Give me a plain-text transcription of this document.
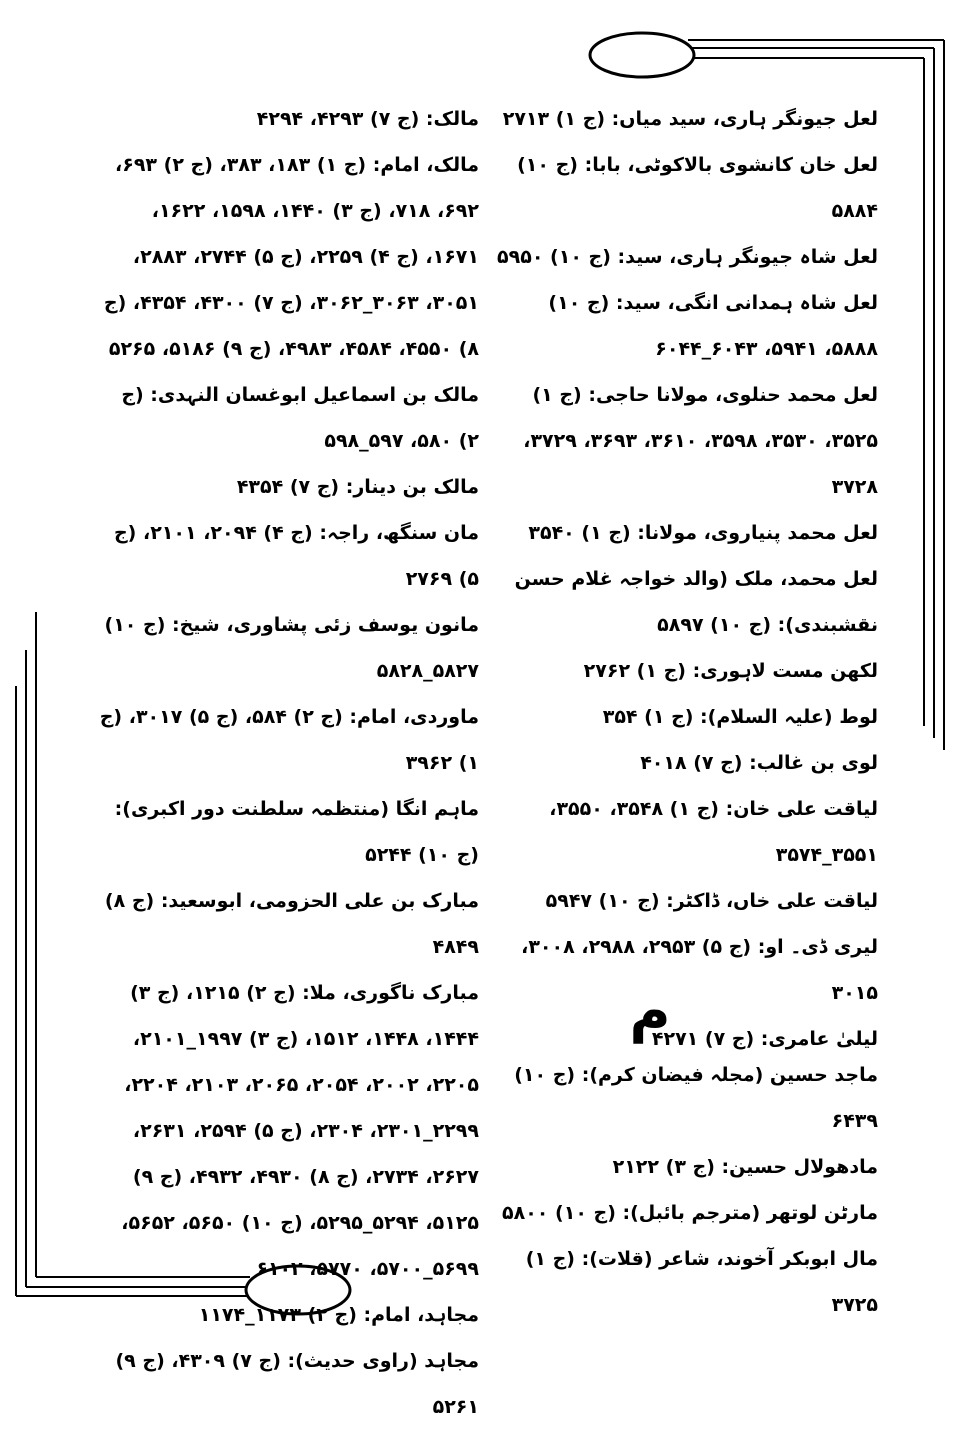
لعل جیونگر ہاری، سید میاں: (ج ۱) ۲۷۱۳

لعل خان کانشوی بالاکوٹی، بابا: (ج ۱۰) ۵۸۸۴

لعل شاہ جیونگر ہاری، سید: (ج ۱۰) ۵۹۵۰

لعل شاہ ہمدانی انگی، سید: (ج ۱۰) ۵۸۸۸، ۵۹۴۱، ۶۰۴۳_۶۰۴۴

لعل محمد حنلوی، مولانا حاجی: (ج ۱) ۳۵۲۵، ۳۵۳۰، ۳۵۹۸، ۳۶۱۰، ۳۶۹۳، ۳۷۲۹، ۳۷۲۸

لعل محمد پنیاروی، مولانا: (ج ۱) ۳۵۴۰

لعل محمد، ملک (والد خواجہ غلام حسن نقشبندی): (ج ۱۰) ۵۸۹۷

لکھن مست لاہوری: (ج ۱) ۲۷۶۲

لوط (علیہ السلام): (ج ۱) ۳۵۴

لوی بن غالب: (ج ۷) ۴۰۱۸

لیاقت علی خان: (ج ۱) ۳۵۴۸، ۳۵۵۰، ۳۵۵۱_۳۵۷۴

لیاقت علی خاں، ڈاکٹر: (ج ۱۰) ۵۹۴۷

لیری ڈی۔ او: (ج ۵) ۲۹۵۳، ۲۹۸۸، ۳۰۰۸، ۳۰۱۵

لیلیٰ عامری: (ج ۷) ۴۲۷۱

م

ماجد حسین (مجلہ فیضان کرم): (ج ۱۰) ۶۴۳۹

مادھولال حسین: (ج ۳) ۲۱۲۲

مارٹن لوتھر (مترجم بائبل): (ج ۱۰) ۵۸۰۰

مال ابوبکر آخوند، شاعر (قلات): (ج ۱) ۳۷۲۵

مالک: (ج ۷) ۴۲۹۳، ۴۲۹۴

مالک، امام: (ج ۱) ۱۸۳، ۳۸۳، (ج ۲) ۶۹۳، ۶۹۲، ۷۱۸، (ج ۳) ۱۴۴۰، ۱۵۹۸، ۱۶۲۲، ۱۶۷۱، (ج ۴) ۲۲۵۹، (ج ۵) ۲۷۴۴، ۲۸۸۳، ۳۰۵۱، ۳۰۶۳_۳۰۶۲، (ج ۷) ۴۳۰۰، ۴۳۵۴، (ج ۸) ۴۵۵۰، ۴۵۸۴، ۴۹۸۳، (ج ۹) ۵۱۸۶، ۵۲۶۵

مالک بن اسماعیل ابوغسان النہدی: (ج ۲) ۵۸۰، ۵۹۷_۵۹۸

مالک بن دینار: (ج ۷) ۴۳۵۴

مان سنگھ، راجہ: (ج ۴) ۲۰۹۴، ۲۱۰۱، (ج ۵) ۲۷۶۹

مانون یوسف زئی پشاوری، شیخ: (ج ۱۰) ۵۸۲۷_۵۸۲۸

ماوردی، امام: (ج ۲) ۵۸۴، (ج ۵) ۳۰۱۷، (ج ۱) ۳۹۶۲

ماہم انگا (منتظمہ سلطنت دور اکبری): (ج ۱۰) ۵۲۴۴

مبارک بن علی الحزومی، ابوسعید: (ج ۸) ۴۸۴۹

مبارک ناگوری، ملا: (ج ۲) ۱۲۱۵، (ج ۳) ۱۴۴۴، ۱۴۴۸، ۱۵۱۲، (ج ۳) ۱۹۹۷_۲۱۰۱، ۲۲۰۵، ۲۰۰۲، ۲۰۵۴، ۲۰۶۵، ۲۱۰۳، ۲۲۰۴، ۲۲۹۹_۲۳۰۱، ۲۳۰۴، (ج ۵) ۲۵۹۴، ۲۶۳۱، ۲۶۲۷، ۲۷۳۴، (ج ۸) ۴۹۳۰، ۴۹۳۲، (ج ۹) ۵۱۲۵، ۵۲۹۴_۵۲۹۵، (ج ۱۰) ۵۶۵۰، ۵۶۵۲، ۵۶۹۹_۵۷۰۰، ۵۷۷۰، ۶۱۰۲

مجاہد، امام: (ج ۲) ۱۱۷۳_۱۱۷۴

مجاہد (راوی حدیث): (ج ۷) ۴۳۰۹، (ج ۹) ۵۲۶۱
